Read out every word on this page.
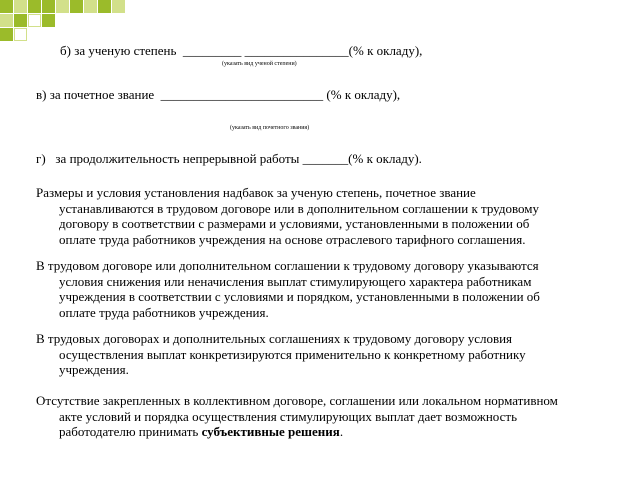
б) за ученую степень  _________ ________________(% к окладу),
(указать вид ученой степени)
в) за почетное звание  _________________________ (% к окладу),
(указать вид почетного звания)
г)   за продолжительность непрерывной работы _______(% к окладу).
Размеры и условия установления надбавок за ученую степень, почетное звание
устанавливаются в трудовом договоре или в дополнительном соглашении к трудовому
договору в соответствии с размерами и условиями, установленными в положении об
оплате труда работников учреждения на основе отраслевого тарифного соглашения.
В трудовом договоре или дополнительном соглашении к трудовому договору указываются
условия снижения или неначисления выплат стимулирующего характера работникам
учреждения в соответствии с условиями и порядком, установленными в положении об
оплате труда работников учреждения.
В трудовых договорах и дополнительных соглашениях к трудовому договору условия
осуществления выплат конкретизируются применительно к конкретному работнику
учреждения.
Отсутствие закрепленных в коллективном договоре, соглашении или локальном нормативном
акте условий и порядка осуществления стимулирующих выплат дает возможность
работодателю принимать субъективные решения.
